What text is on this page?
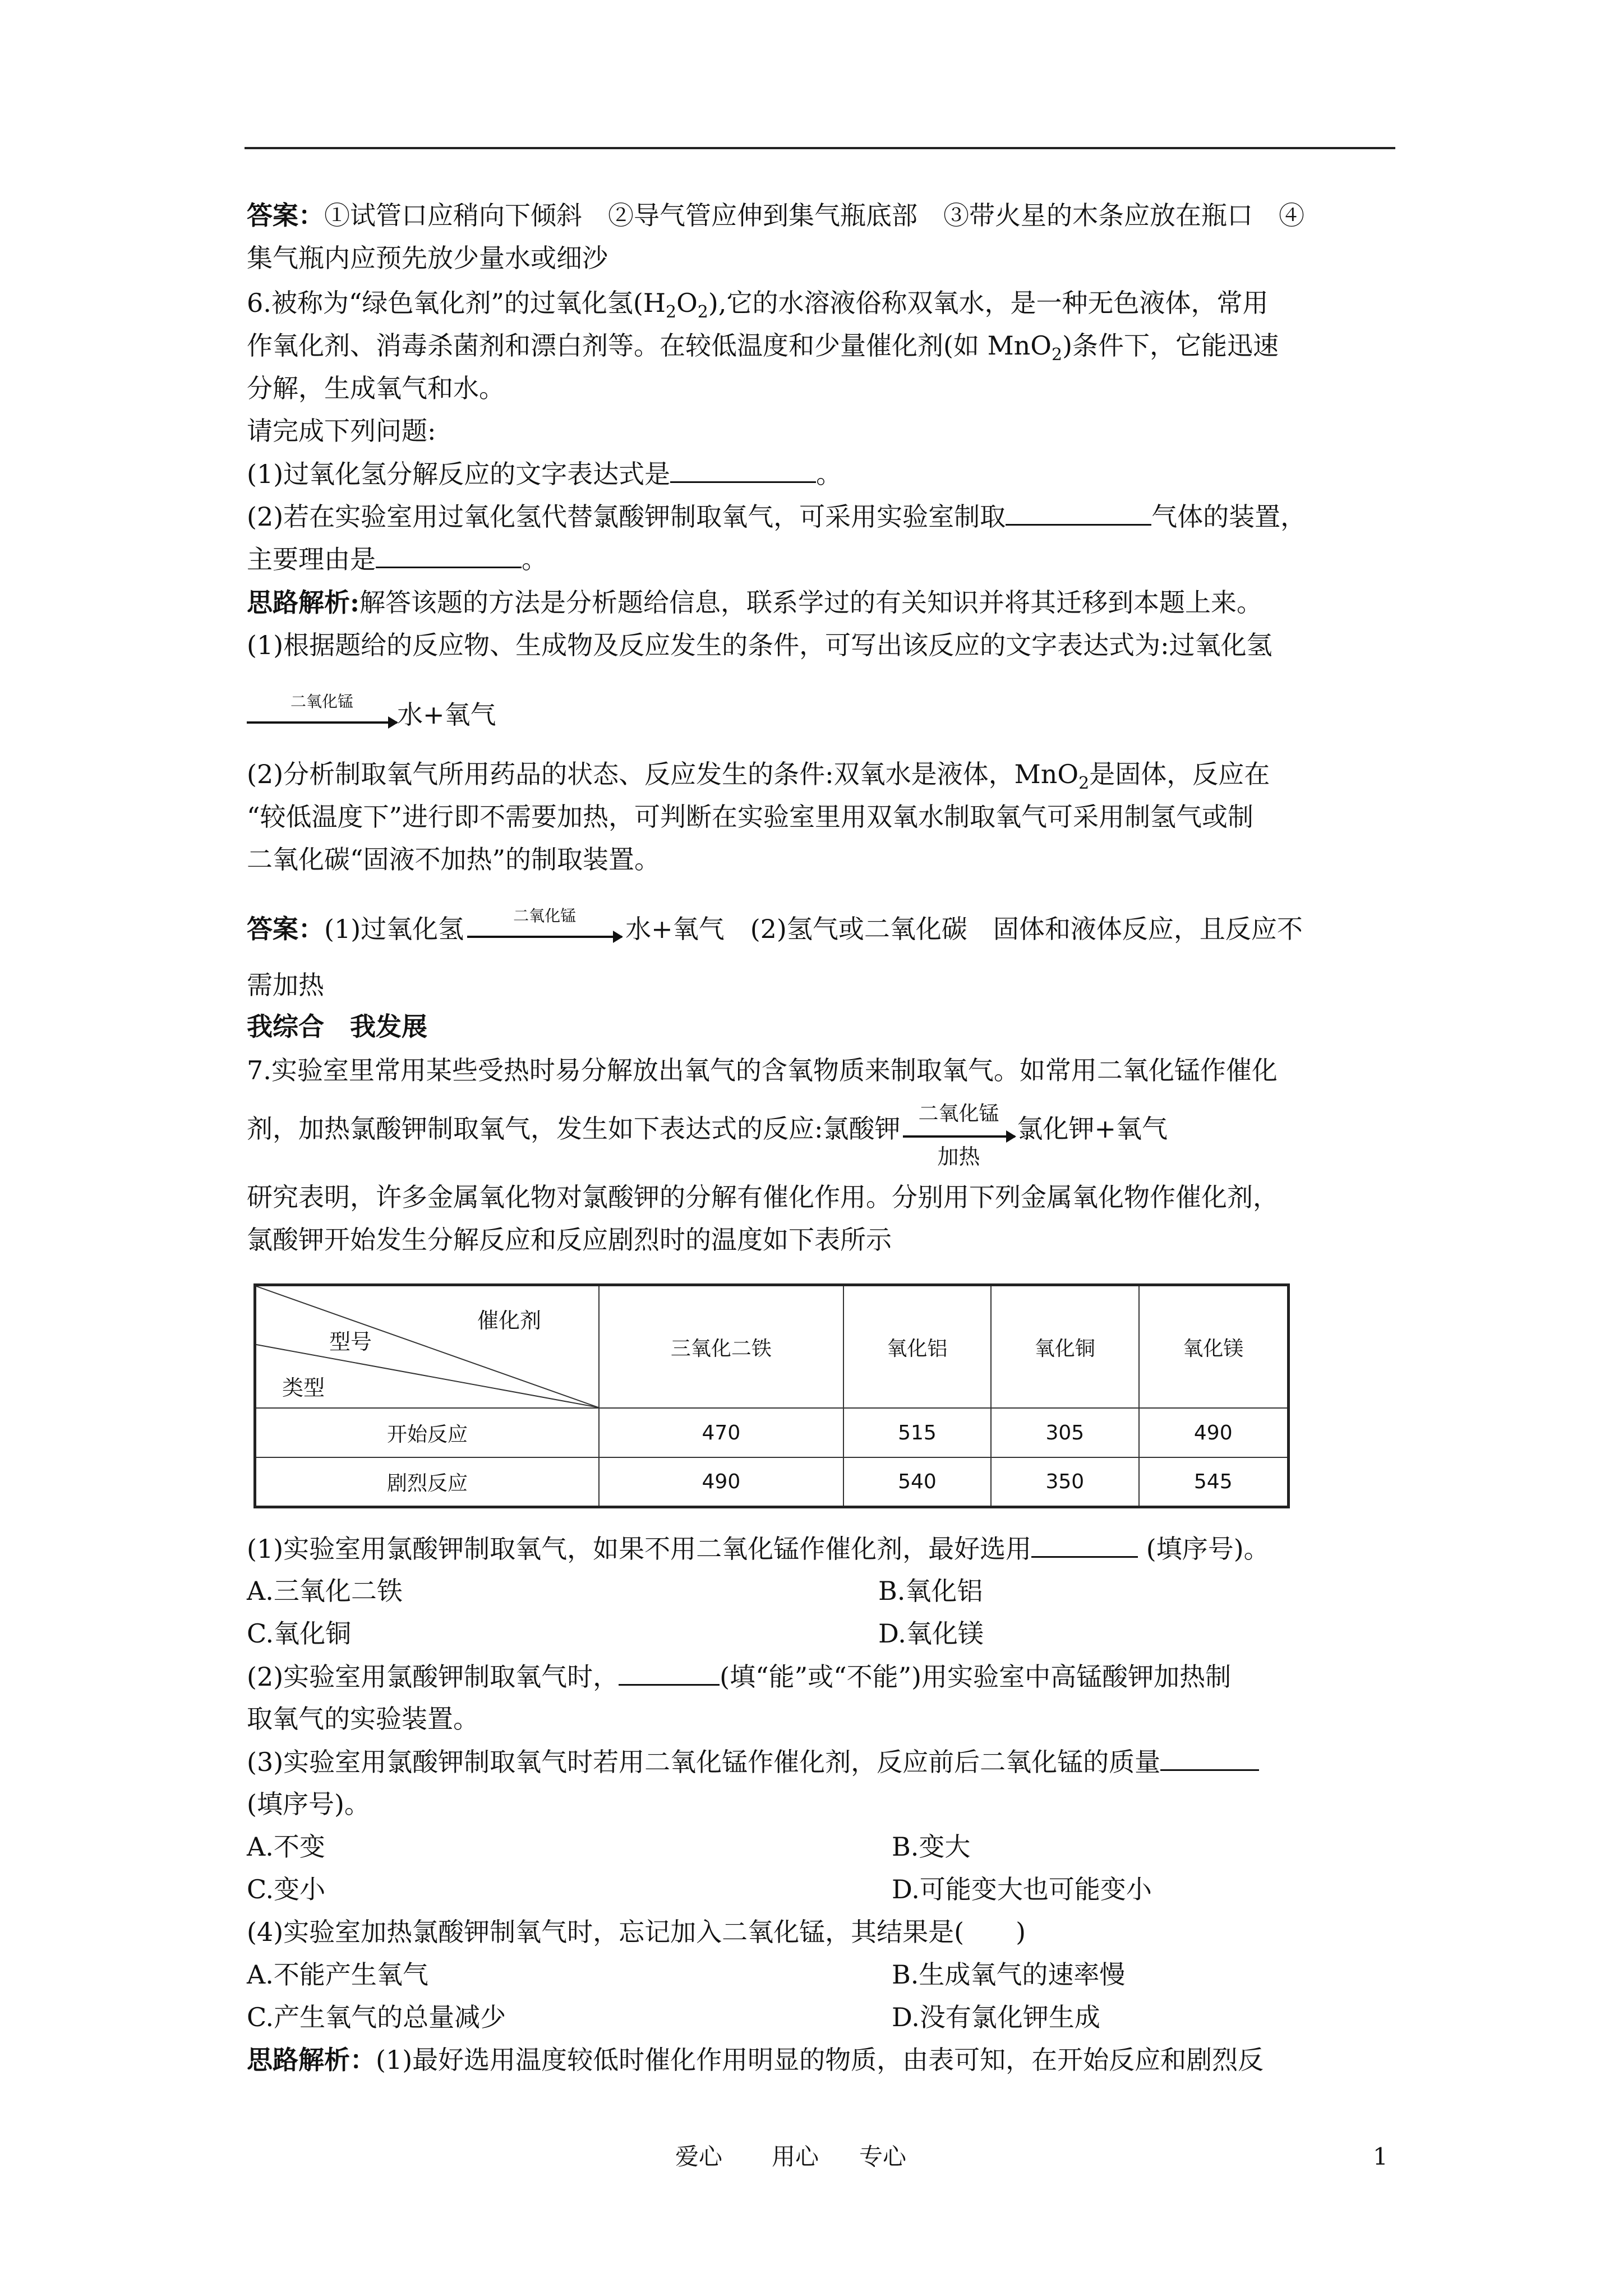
答案：①试管口应稍向下倾斜　②导气管应伸到集气瓶底部　③带火星的木条应放在瓶口　④
集气瓶内应预先放少量水或细沙
6.被称为“绿色氧化剂”的过氧化氢$(H_2O_2)$,它的水溶液俗称双氧水，是一种无色液体，常用
作氧化剂、消毒杀菌剂和漂白剂等。在较低温度和少量催化剂(如 MnO$_2$)条件下，它能迅速
分解，生成氧气和水。
请完成下列问题:
(1)过氧化氢分解反应的文字表达式是	。
(2)若在实验室用过氧化氢代替氯酸钾制取氧气，可采用实验室制取	气体的装置，
主要理由是	。
思路解析:解答该题的方法是分析题给信息，联系学过的有关知识并将其迁移到本题上来。
(1)根据题给的反应物、生成物及反应发生的条件，可写出该反应的文字表达式为:过氧化氢
二氧化锰	水+氧气
(2)分析制取氧气所用药品的状态、反应发生的条件:双氧水是液体，MnO$_2$是固体，反应在
“较低温度下”进行即不需要加热，可判断在实验室里用双氧水制取氧气可采用制氢气或制
二氧化碳“固液不加热”的制取装置。
答案：(1)过氧化氢	二氧化锰	水+氧气　(2)氢气或二氧化碳　固体和液体反应，且反应不
需加热
我综合　我发展
7.实验室里常用某些受热时易分解放出氧气的含氧物质来制取氧气。如常用二氧化锰作催化
剂，加热氯酸钾制取氧气，发生如下表达式的反应:氯酸钾 二氧化锰
加热
氯化钾+氧气
研究表明，许多金属氧化物对氯酸钾的分解有催化作用。分别用下列金属氧化物作催化剂，
氯酸钾开始发生分解反应和反应剧烈时的温度如下表所示
催化剂
型号
类型	三氧化二铁	氧化铝	氧化铜	氧化镁
开始反应	470	515	305	490
剧烈反应	490	540	350	545
(1)实验室用氯酸钾制取氧气，如果不用二氧化锰作催化剂，最好选用	(填序号)。
A.三氧化二铁	B.氧化铝
C.氧化铜	D.氧化镁
(2)实验室用氯酸钾制取氧气时，	(填“能”或“不能”)用实验室中高锰酸钾加热制
取氧气的实验装置。
(3)实验室用氯酸钾制取氧气时若用二氧化锰作催化剂，反应前后二氧化锰的质量
(填序号)。
A.不变	B.变大
C.变小	D.可能变大也可能变小
(4)实验室加热氯酸钾制氧气时，忘记加入二氧化锰，其结果是(　　)
A.不能产生氧气	B.生成氧气的速率慢
C.产生氧气的总量减少	D.没有氯化钾生成
思路解析：(1)最好选用温度较低时催化作用明显的物质，由表可知，在开始反应和剧烈反
爱心 用心 专心	1
